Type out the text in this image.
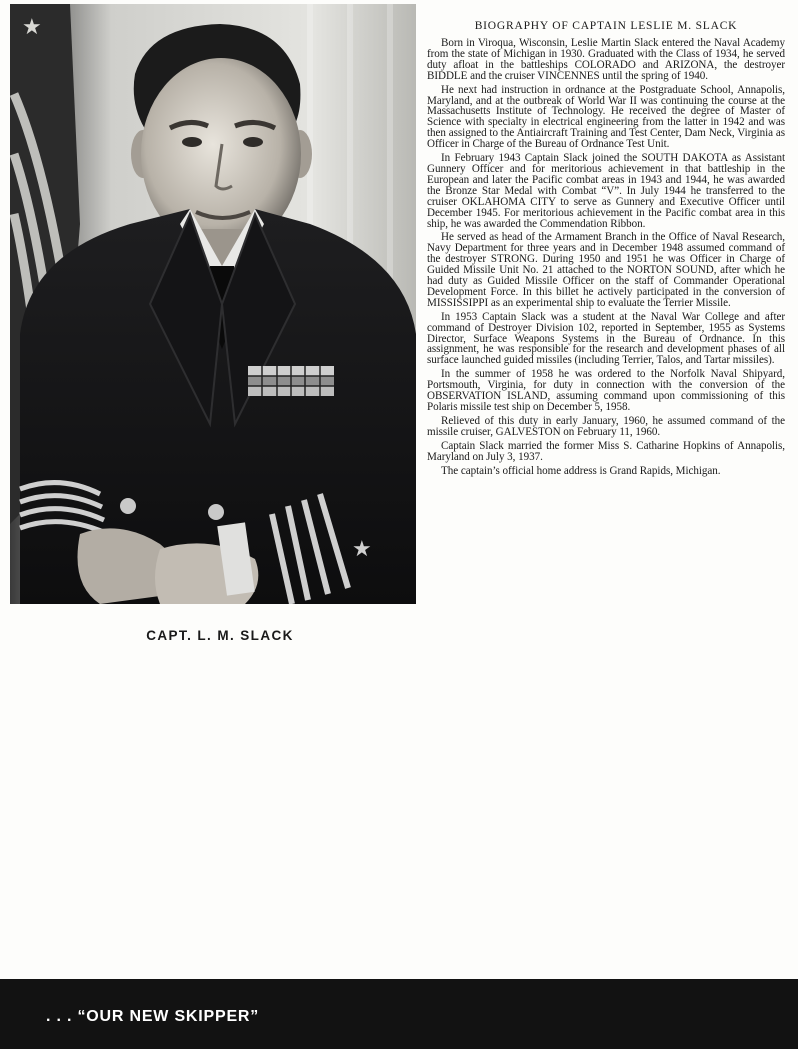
★
★
CAPT. L. M. SLACK
BIOGRAPHY OF CAPTAIN LESLIE M. SLACK

Born in Viroqua, Wisconsin, Leslie Martin Slack entered the Naval Academy from the state of Michigan in 1930. Graduated with the Class of 1934, he served duty afloat in the battleships COLORADO and ARIZONA, the destroyer BIDDLE and the cruiser VINCENNES until the spring of 1940.

He next had instruction in ordnance at the Postgraduate School, Annapolis, Maryland, and at the outbreak of World War II was continuing the course at the Massachusetts Institute of Technology. He received the degree of Master of Science with specialty in electrical engineering from the latter in 1942 and was then assigned to the Antiaircraft Training and Test Center, Dam Neck, Virginia as Officer in Charge of the Bureau of Ordnance Test Unit.

In February 1943 Captain Slack joined the SOUTH DAKOTA as Assistant Gunnery Officer and for meritorious achievement in that battleship in the European and later the Pacific combat areas in 1943 and 1944, he was awarded the Bronze Star Medal with Combat “V”. In July 1944 he transferred to the cruiser OKLAHOMA CITY to serve as Gunnery and Executive Officer until December 1945. For meritorious achievement in the Pacific combat area in this ship, he was awarded the Commendation Ribbon.

He served as head of the Armament Branch in the Office of Naval Research, Navy Department for three years and in December 1948 assumed command of the destroyer STRONG. During 1950 and 1951 he was Officer in Charge of Guided Missile Unit No. 21 attached to the NORTON SOUND, after which he had duty as Guided Missile Officer on the staff of Commander Operational Development Force. In this billet he actively participated in the conversion of MISSISSIPPI as an experimental ship to evaluate the Terrier Missile.

In 1953 Captain Slack was a student at the Naval War College and after command of Destroyer Division 102, reported in September, 1955 as Systems Director, Surface Weapons Systems in the Bureau of Ordnance. In this assignment, he was responsible for the research and development phases of all surface launched guided missiles (including Terrier, Talos, and Tartar missiles).

In the summer of 1958 he was ordered to the Norfolk Naval Shipyard, Portsmouth, Virginia, for duty in connection with the conversion of the OBSERVATION ISLAND, assuming command upon commissioning of this Polaris missile test ship on December 5, 1958.

Relieved of this duty in early January, 1960, he assumed command of the missile cruiser, GALVESTON on February 11, 1960.

Captain Slack married the former Miss S. Catharine Hopkins of Annapolis, Maryland on July 3, 1937.

The captain’s official home address is Grand Rapids, Michigan.

. . . “OUR NEW SKIPPER”
